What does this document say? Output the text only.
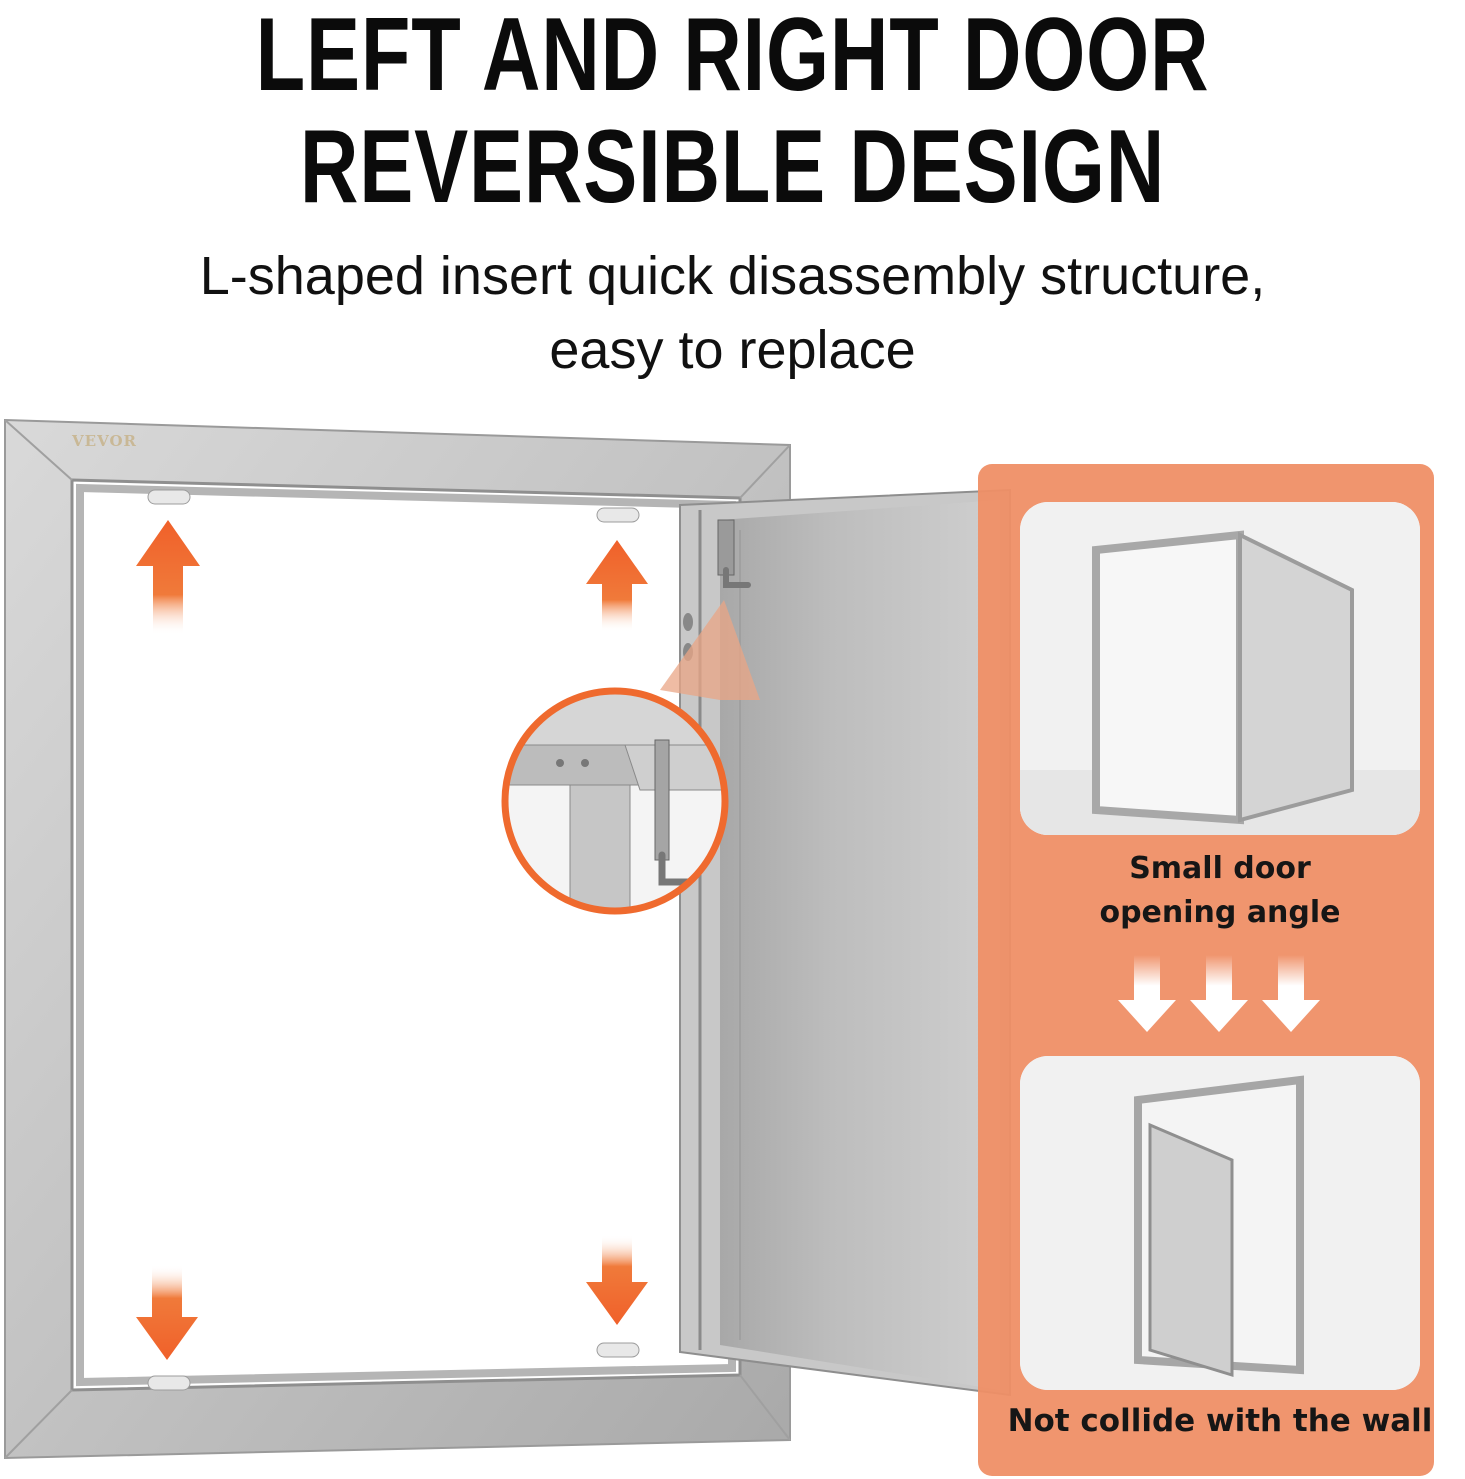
LEFT AND RIGHT DOOR
REVERSIBLE DESIGN
L-shaped insert quick disassembly structure,
easy to replace
VEVOR
Small door
opening angle
Not collide with the wall
